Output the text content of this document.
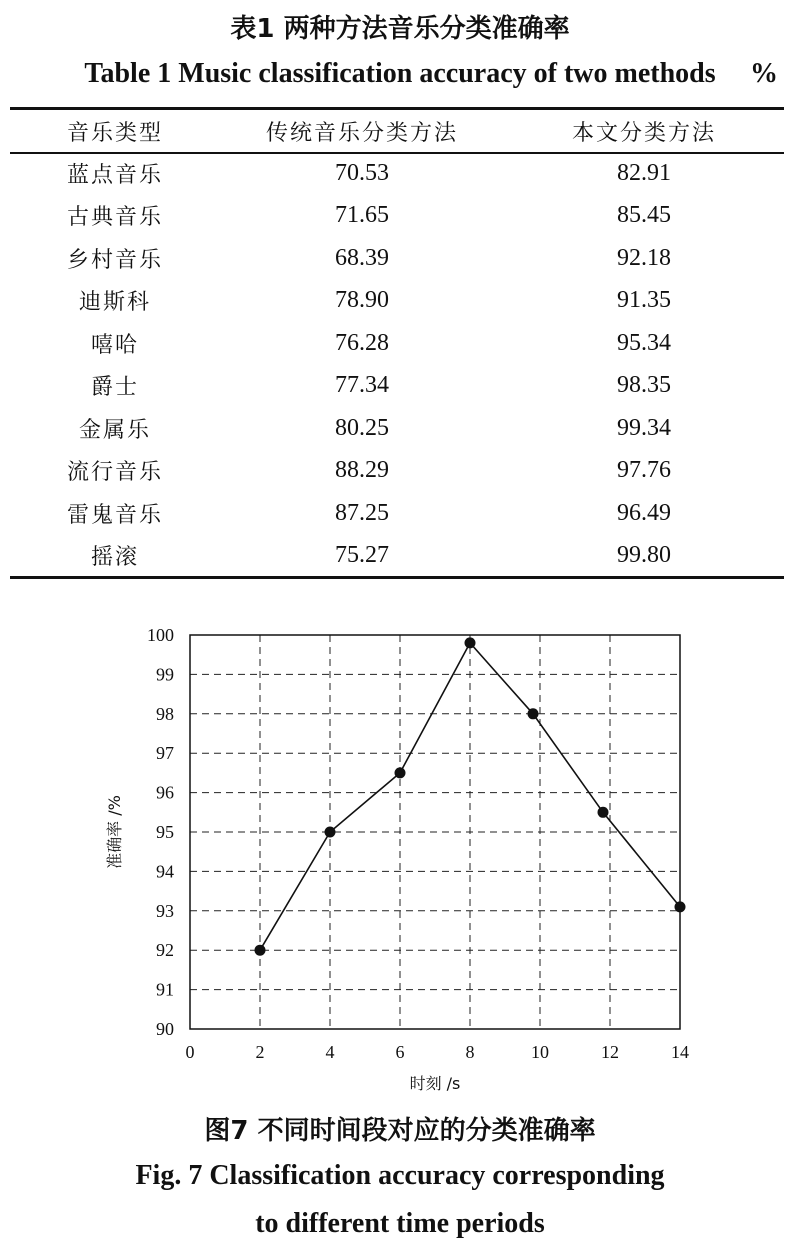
表1 两种方法音乐分类准确率
Table 1 Music classification accuracy of two methods	%
音乐类型	传统音乐分类方法	本文分类方法
蓝点音乐	70.53	82.91
古典音乐	71.65	85.45
乡村音乐	68.39	92.18
迪斯科	78.90	91.35
嘻哈	76.28	95.34
爵士	77.34	98.35
金属乐	80.25	99.34
流行音乐	88.29	97.76
雷鬼音乐	87.25	96.49
摇滚	75.27	99.80
0	2	4	6	8	10	12	14
90
91
92
93
94
95
96
97
98
99
100
时刻 /s
准确率 /%
图7 不同时间段对应的分类准确率
Fig. 7 Classification accuracy corresponding
to different time periods
